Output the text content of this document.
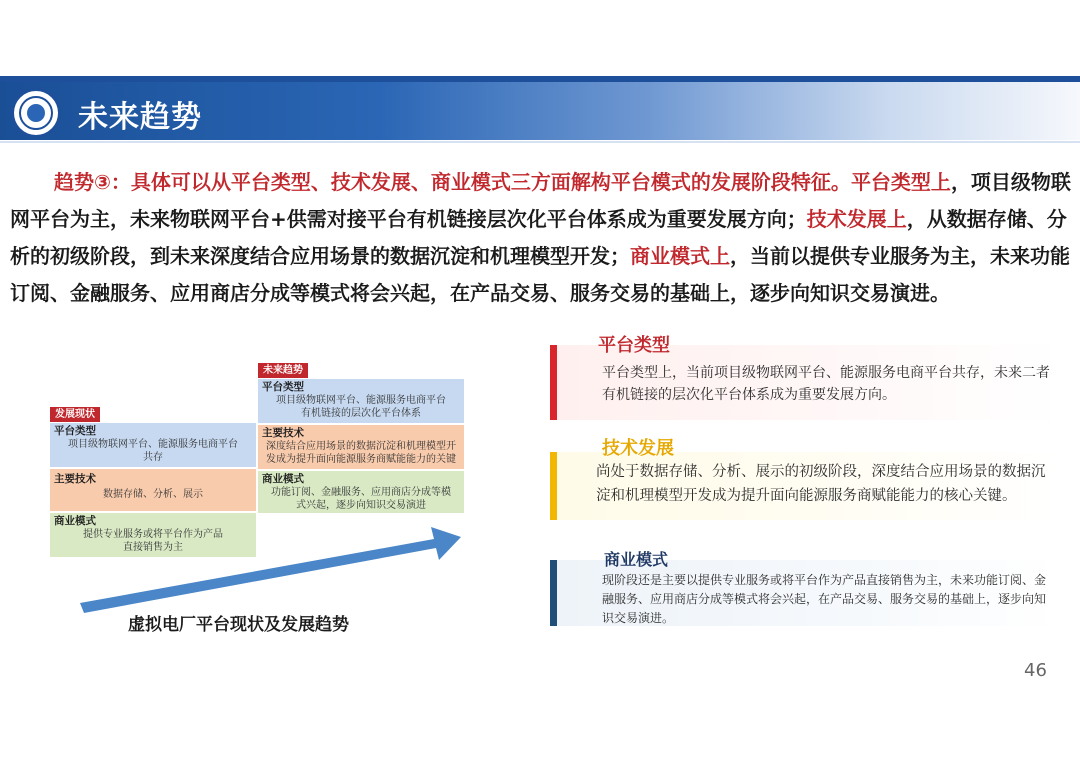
未来趋势
趋势③：具体可以从平台类型、技术发展、商业模式三方面解构平台模式的发展阶段特征。平台类型上，项目级物联网平台为主，未来物联网平台+供需对接平台有机链接层次化平台体系成为重要发展方向；技术发展上，从数据存储、分析的初级阶段，到未来深度结合应用场景的数据沉淀和机理模型开发；商业模式上，当前以提供专业服务为主，未来功能订阅、金融服务、应用商店分成等模式将会兴起，在产品交易、服务交易的基础上，逐步向知识交易演进。
未来趋势
平台类型
项目级物联网平台、能源服务电商平台有机链接的层次化平台体系
主要技术
深度结合应用场景的数据沉淀和机理模型开发成为提升面向能源服务商赋能能力的关键
商业模式
功能订阅、金融服务、应用商店分成等模式兴起，逐步向知识交易演进
发展现状
平台类型
项目级物联网平台、能源服务电商平台共存
主要技术
数据存储、分析、展示
商业模式
提供专业服务或将平台作为产品直接销售为主
虚拟电厂平台现状及发展趋势
平台类型
平台类型上，当前项目级物联网平台、能源服务电商平台共存，未来二者有机链接的层次化平台体系成为重要发展方向。
技术发展
尚处于数据存储、分析、展示的初级阶段，深度结合应用场景的数据沉淀和机理模型开发成为提升面向能源服务商赋能能力的核心关键。
商业模式
现阶段还是主要以提供专业服务或将平台作为产品直接销售为主，未来功能订阅、金融服务、应用商店分成等模式将会兴起，在产品交易、服务交易的基础上，逐步向知识交易演进。
46
